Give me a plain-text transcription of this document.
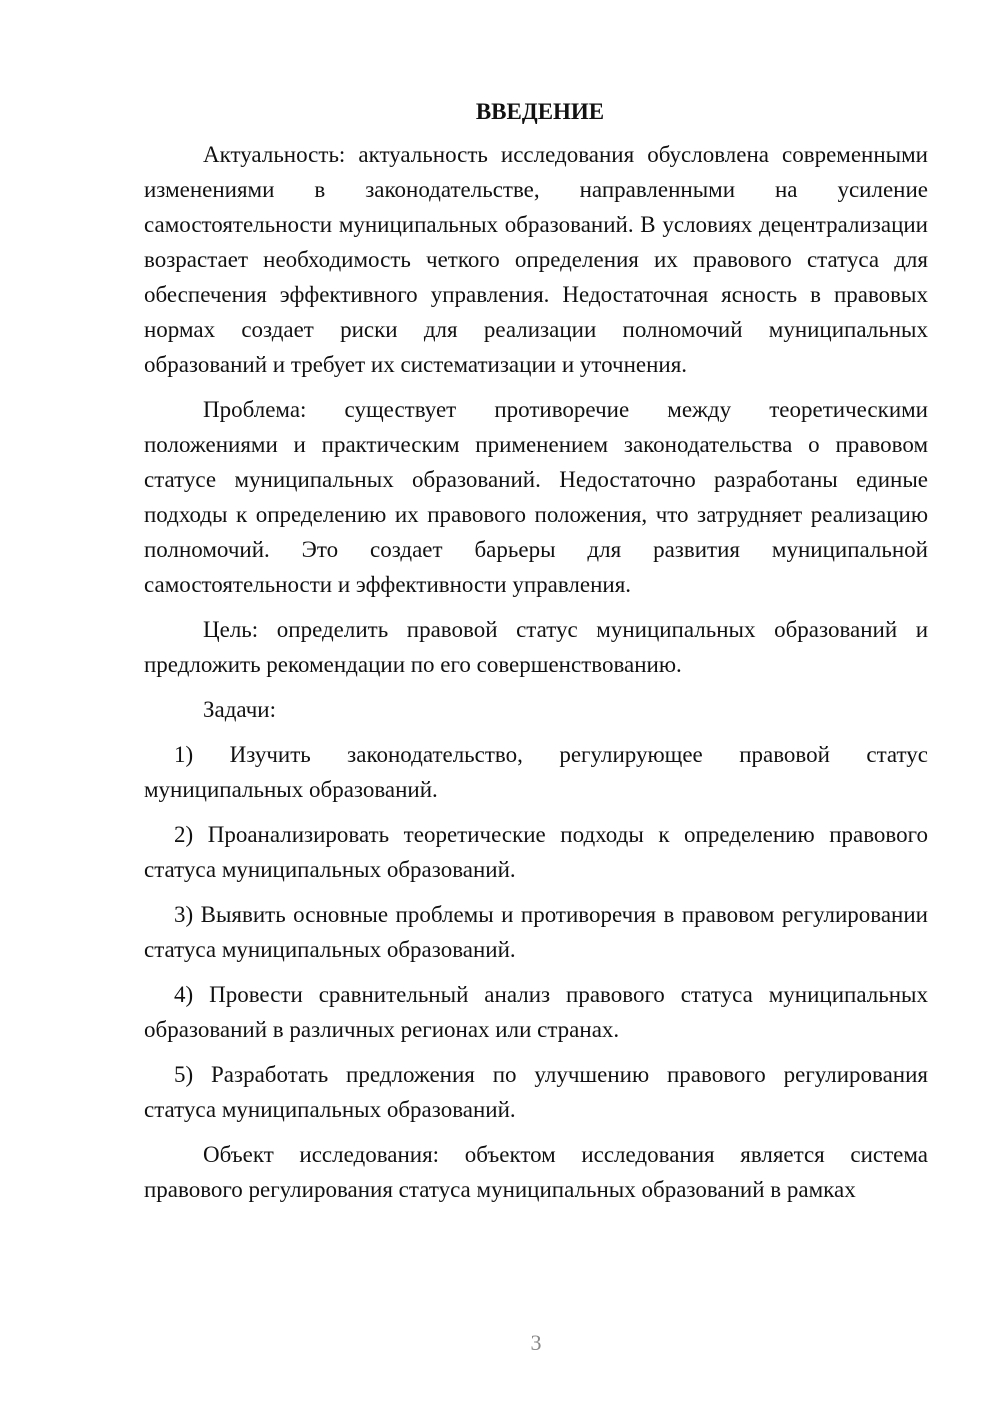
ВВЕДЕНИЕ

Актуальность: актуальность исследования обусловлена современными изменениями в законодательстве, направленными на усиление самостоятельности муниципальных образований. В условиях децентрализации возрастает необходимость четкого определения их правового статуса для обеспечения эффективного управления. Недостаточная ясность в правовых нормах создает риски для реализации полномочий муниципальных образований и требует их систематизации и уточнения.

Проблема: существует противоречие между теоретическими положениями и практическим применением законодательства о правовом статусе муниципальных образований. Недостаточно разработаны единые подходы к определению их правового положения, что затрудняет реализацию полномочий. Это создает барьеры для развития муниципальной самостоятельности и эффективности управления.

Цель: определить правовой статус муниципальных образований и предложить рекомендации по его совершенствованию.

Задачи:

1) Изучить законодательство, регулирующее правовой статус муниципальных образований.

2) Проанализировать теоретические подходы к определению правового статуса муниципальных образований.

3) Выявить основные проблемы и противоречия в правовом регулировании статуса муниципальных образований.

4) Провести сравнительный анализ правового статуса муниципальных образований в различных регионах или странах.

5) Разработать предложения по улучшению правового регулирования статуса муниципальных образований.

Объект исследования: объектом исследования является система правового регулирования статуса муниципальных образований в рамках

3
